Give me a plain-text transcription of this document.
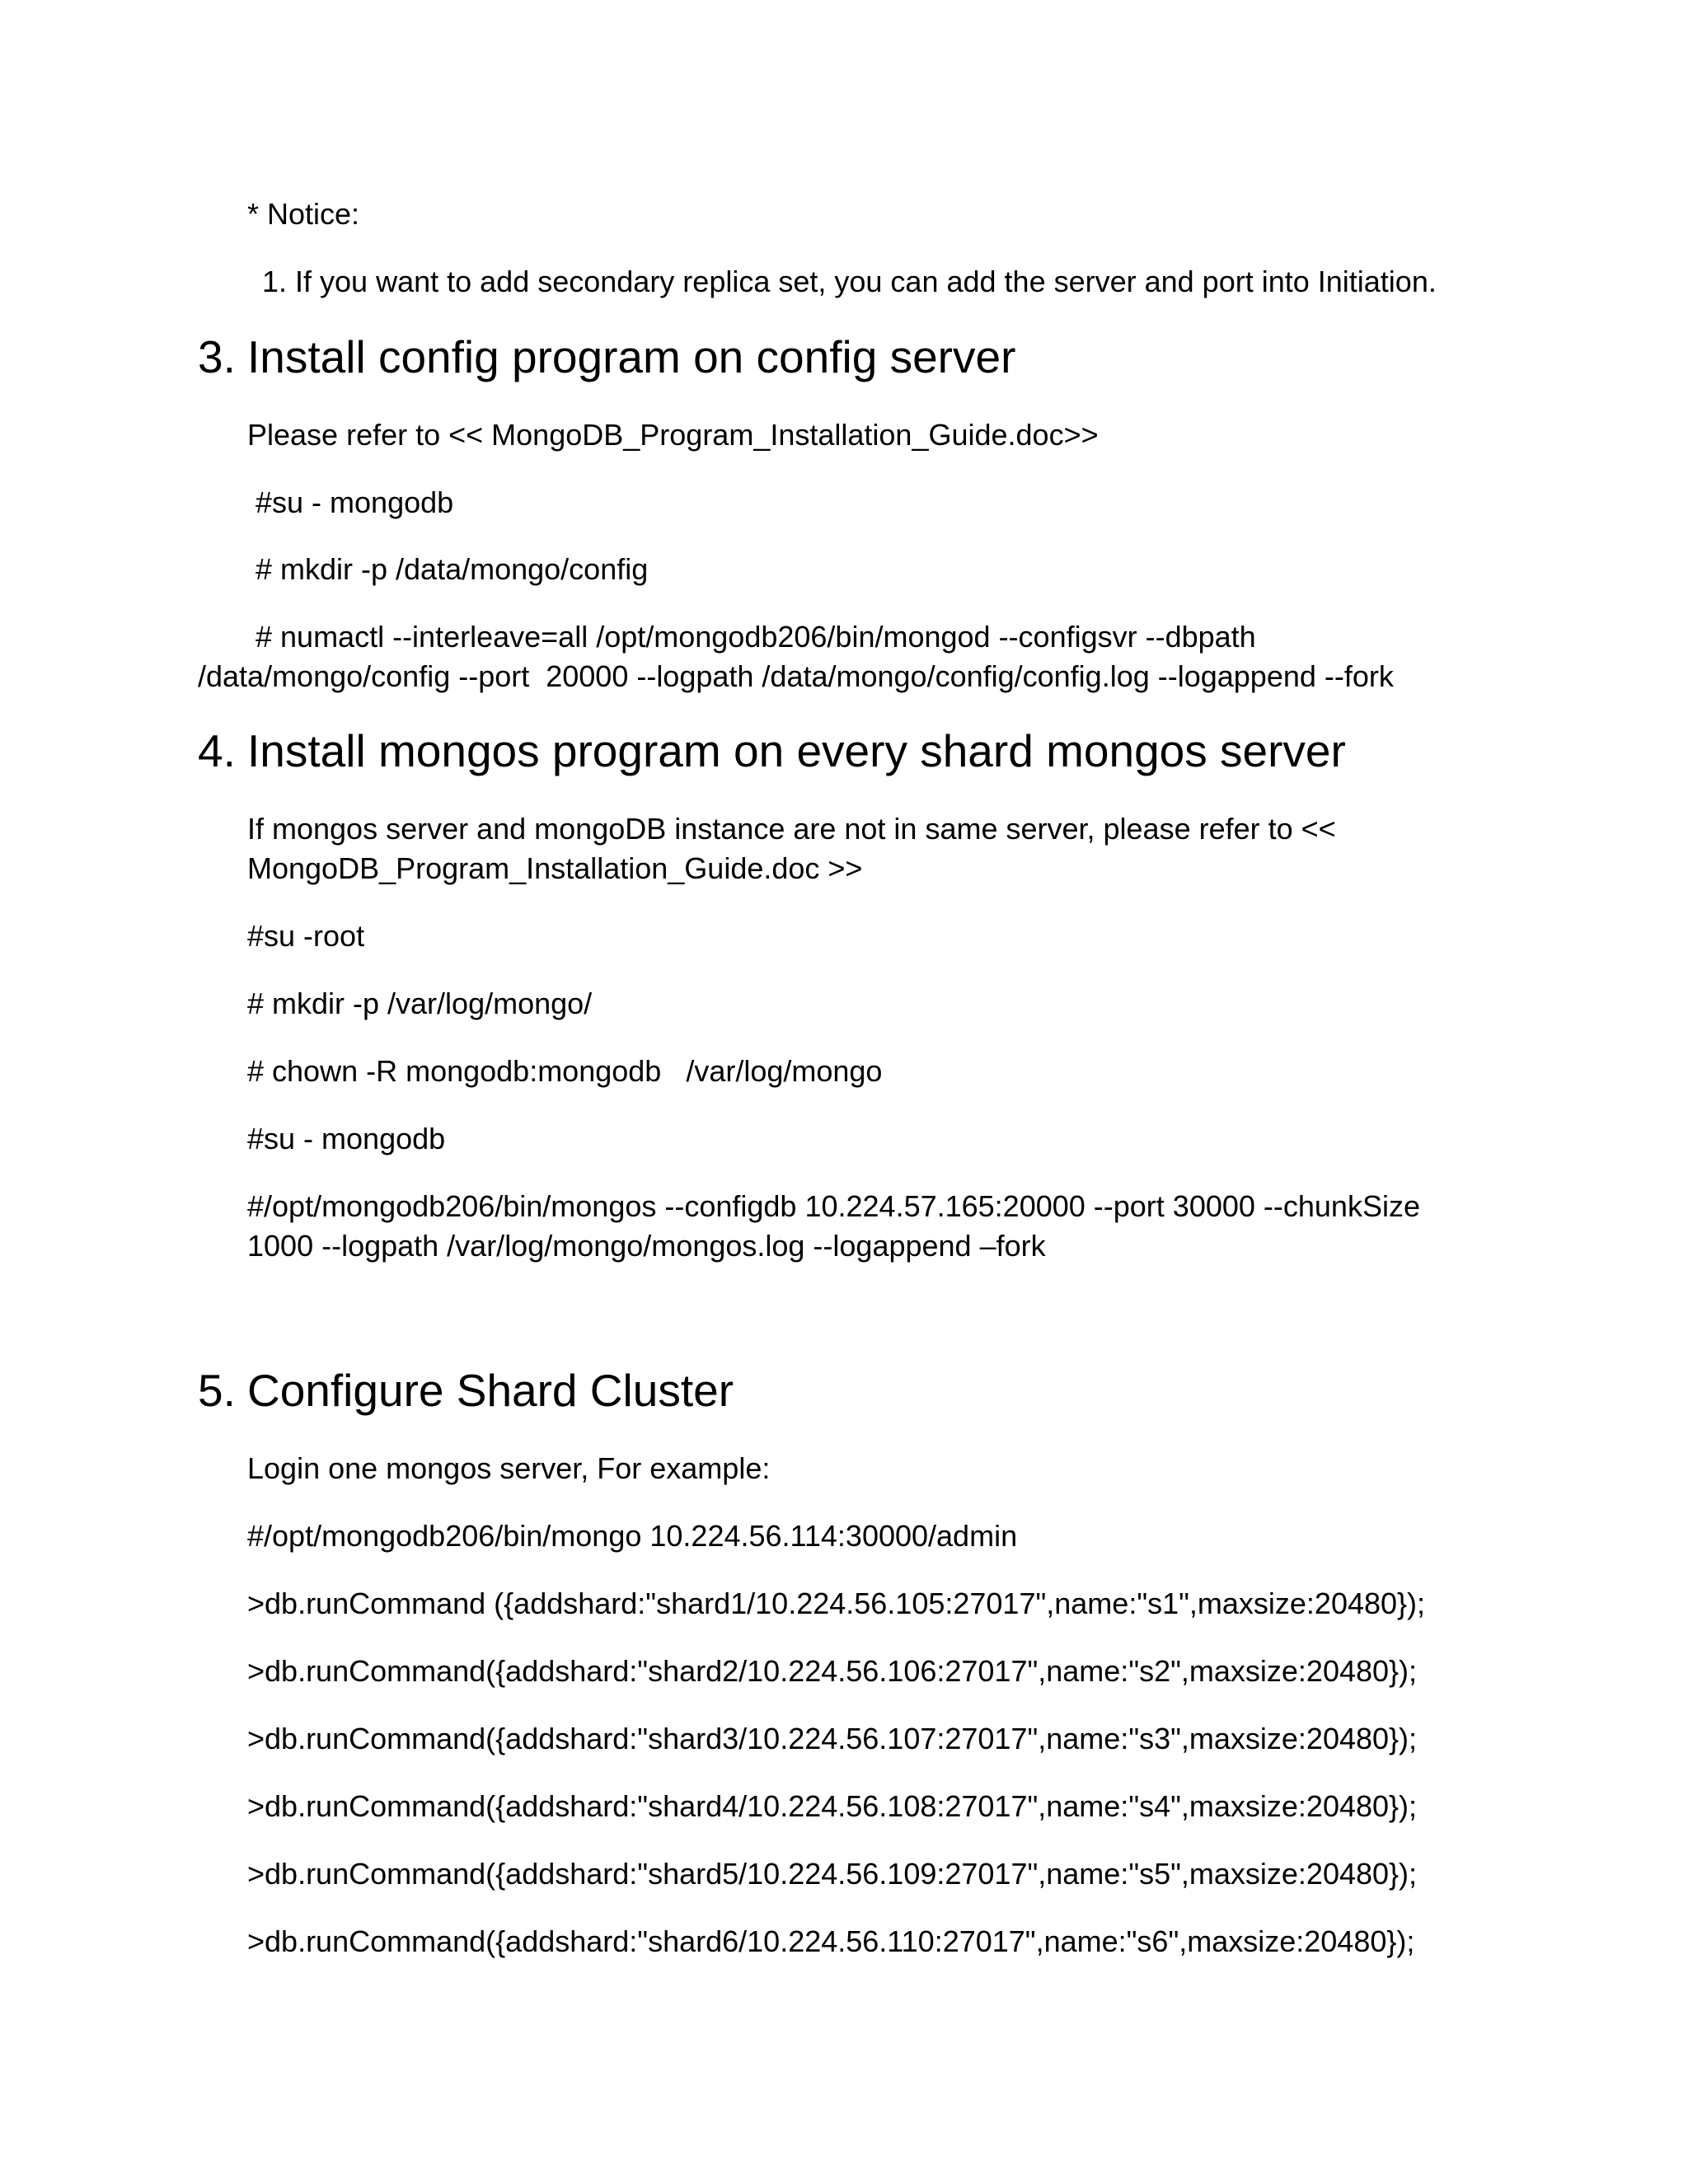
* Notice:
1. If you want to add secondary replica set, you can add the server and port into Initiation.
3. Install config program on config server
Please refer to << MongoDB_Program_Installation_Guide.doc>>
#su - mongodb
# mkdir -p /data/mongo/config
# numactl --interleave=all /opt/mongodb206/bin/mongod --configsvr --dbpath
/data/mongo/config --port  20000 --logpath /data/mongo/config/config.log --logappend --fork
4. Install mongos program on every shard mongos server
If mongos server and mongoDB instance are not in same server, please refer to <<
MongoDB_Program_Installation_Guide.doc >>
#su -root
# mkdir -p /var/log/mongo/
# chown -R mongodb:mongodb   /var/log/mongo
#su - mongodb
#/opt/mongodb206/bin/mongos --configdb 10.224.57.165:20000 --port 30000 --chunkSize
1000 --logpath /var/log/mongo/mongos.log --logappend –fork
5. Configure Shard Cluster
Login one mongos server, For example:
#/opt/mongodb206/bin/mongo 10.224.56.114:30000/admin
>db.runCommand ({addshard:"shard1/10.224.56.105:27017",name:"s1",maxsize:20480});
>db.runCommand({addshard:"shard2/10.224.56.106:27017",name:"s2",maxsize:20480});
>db.runCommand({addshard:"shard3/10.224.56.107:27017",name:"s3",maxsize:20480});
>db.runCommand({addshard:"shard4/10.224.56.108:27017",name:"s4",maxsize:20480});
>db.runCommand({addshard:"shard5/10.224.56.109:27017",name:"s5",maxsize:20480});
>db.runCommand({addshard:"shard6/10.224.56.110:27017",name:"s6",maxsize:20480});
